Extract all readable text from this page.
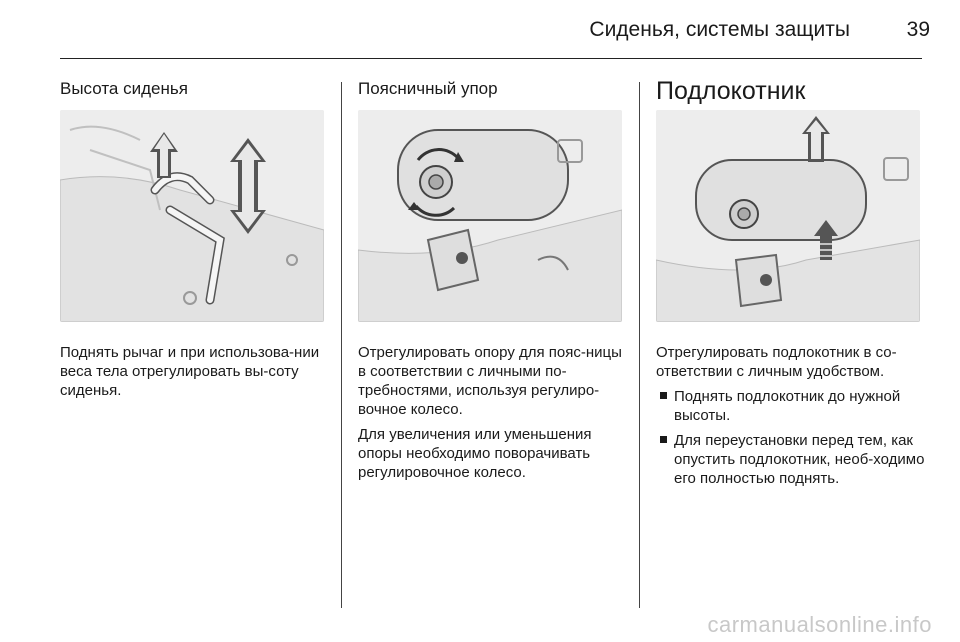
Сиденья, системы защиты	39
Высота сиденья

Поднять рычаг и при использова-нии веса тела отрегулировать вы-соту сиденья.

Поясничный упор

Отрегулировать опору для пояс-ницы в соответствии с личными по-требностями, используя регулиро-вочное колесо.

Для увеличения или уменьшения опоры необходимо поворачивать регулировочное колесо.

Подлокотник

Отрегулировать подлокотник в со-ответствии с личным удобством.

Поднять подлокотник до нужной высоты.
Для переустановки перед тем, как опустить подлокотник, необ-ходимо его полностью поднять.
carmanualsonline.info
